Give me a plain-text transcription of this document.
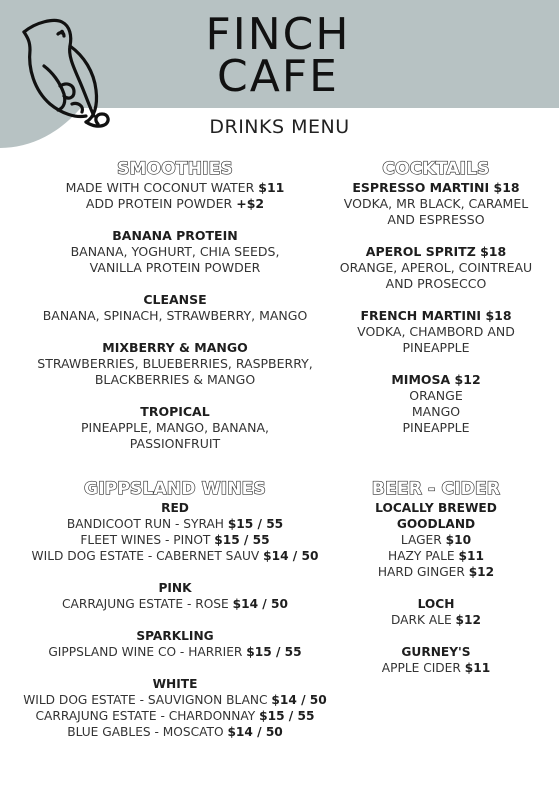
FINCH
CAFE
DRINKS MENU
SMOOTHIES
MADE WITH COCONUT WATER $11
ADD PROTEIN POWDER +$2
BANANA PROTEIN
BANANA, YOGHURT, CHIA SEEDS,
VANILLA PROTEIN POWDER
CLEANSE
BANANA, SPINACH, STRAWBERRY, MANGO
MIXBERRY & MANGO
STRAWBERRIES, BLUEBERRIES, RASPBERRY,
BLACKBERRIES & MANGO
TROPICAL
PINEAPPLE, MANGO, BANANA,
PASSIONFRUIT
COCKTAILS
ESPRESSO MARTINI $18
VODKA, MR BLACK, CARAMEL
AND ESPRESSO
APEROL SPRITZ $18
ORANGE, APEROL, COINTREAU
AND PROSECCO
FRENCH MARTINI $18
VODKA, CHAMBORD AND
PINEAPPLE
MIMOSA $12
ORANGE
MANGO
PINEAPPLE
GIPPSLAND WINES
RED
BANDICOOT RUN - SYRAH $15 / 55
FLEET WINES - PINOT $15 / 55
WILD DOG ESTATE - CABERNET SAUV $14 / 50
PINK
CARRAJUNG ESTATE - ROSE $14 / 50
SPARKLING
GIPPSLAND WINE CO - HARRIER $15 / 55
WHITE
WILD DOG ESTATE - SAUVIGNON BLANC $14 / 50
CARRAJUNG ESTATE - CHARDONNAY $15 / 55
BLUE GABLES - MOSCATO $14 / 50
BEER - CIDER
LOCALLY BREWED
GOODLAND
LAGER $10
HAZY PALE $11
HARD GINGER $12
LOCH
DARK ALE $12
GURNEY'S
APPLE CIDER $11
